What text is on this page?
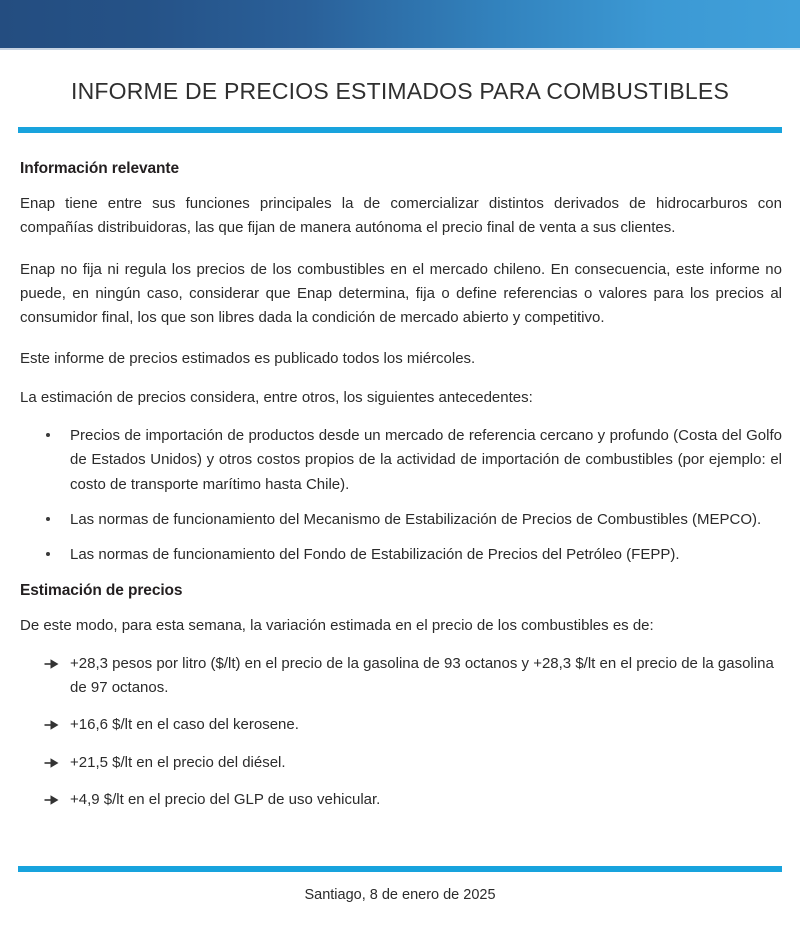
INFORME DE PRECIOS ESTIMADOS PARA COMBUSTIBLES
Información relevante

Enap tiene entre sus funciones principales la de comercializar distintos derivados de hidrocarburos con compañías distribuidoras, las que fijan de manera autónoma el precio final de venta a sus clientes.

Enap no fija ni regula los precios de los combustibles en el mercado chileno. En consecuencia, este informe no puede, en ningún caso, considerar que Enap determina, fija o define referencias o valores para los precios al consumidor final, los que son libres dada la condición de mercado abierto y competitivo.

Este informe de precios estimados es publicado todos los miércoles.

La estimación de precios considera, entre otros, los siguientes antecedentes:

Precios de importación de productos desde un mercado de referencia cercano y profundo (Costa del Golfo de Estados Unidos) y otros costos propios de la actividad de importación de combustibles (por ejemplo: el costo de transporte marítimo hasta Chile).
Las normas de funcionamiento del Mecanismo de Estabilización de Precios de Combustibles (MEPCO).
Las normas de funcionamiento del Fondo de Estabilización de Precios del Petróleo (FEPP).
Estimación de precios

De este modo, para esta semana, la variación estimada en el precio de los combustibles es de:

+28,3 pesos por litro ($/lt) en el precio de la gasolina de 93 octanos y +28,3 $/lt en el precio de la gasolina de 97 octanos.
+16,6 $/lt en el caso del kerosene.
+21,5 $/lt en el precio del diésel.
+4,9 $/lt en el precio del GLP de uso vehicular.
Santiago, 8 de enero de 2025
